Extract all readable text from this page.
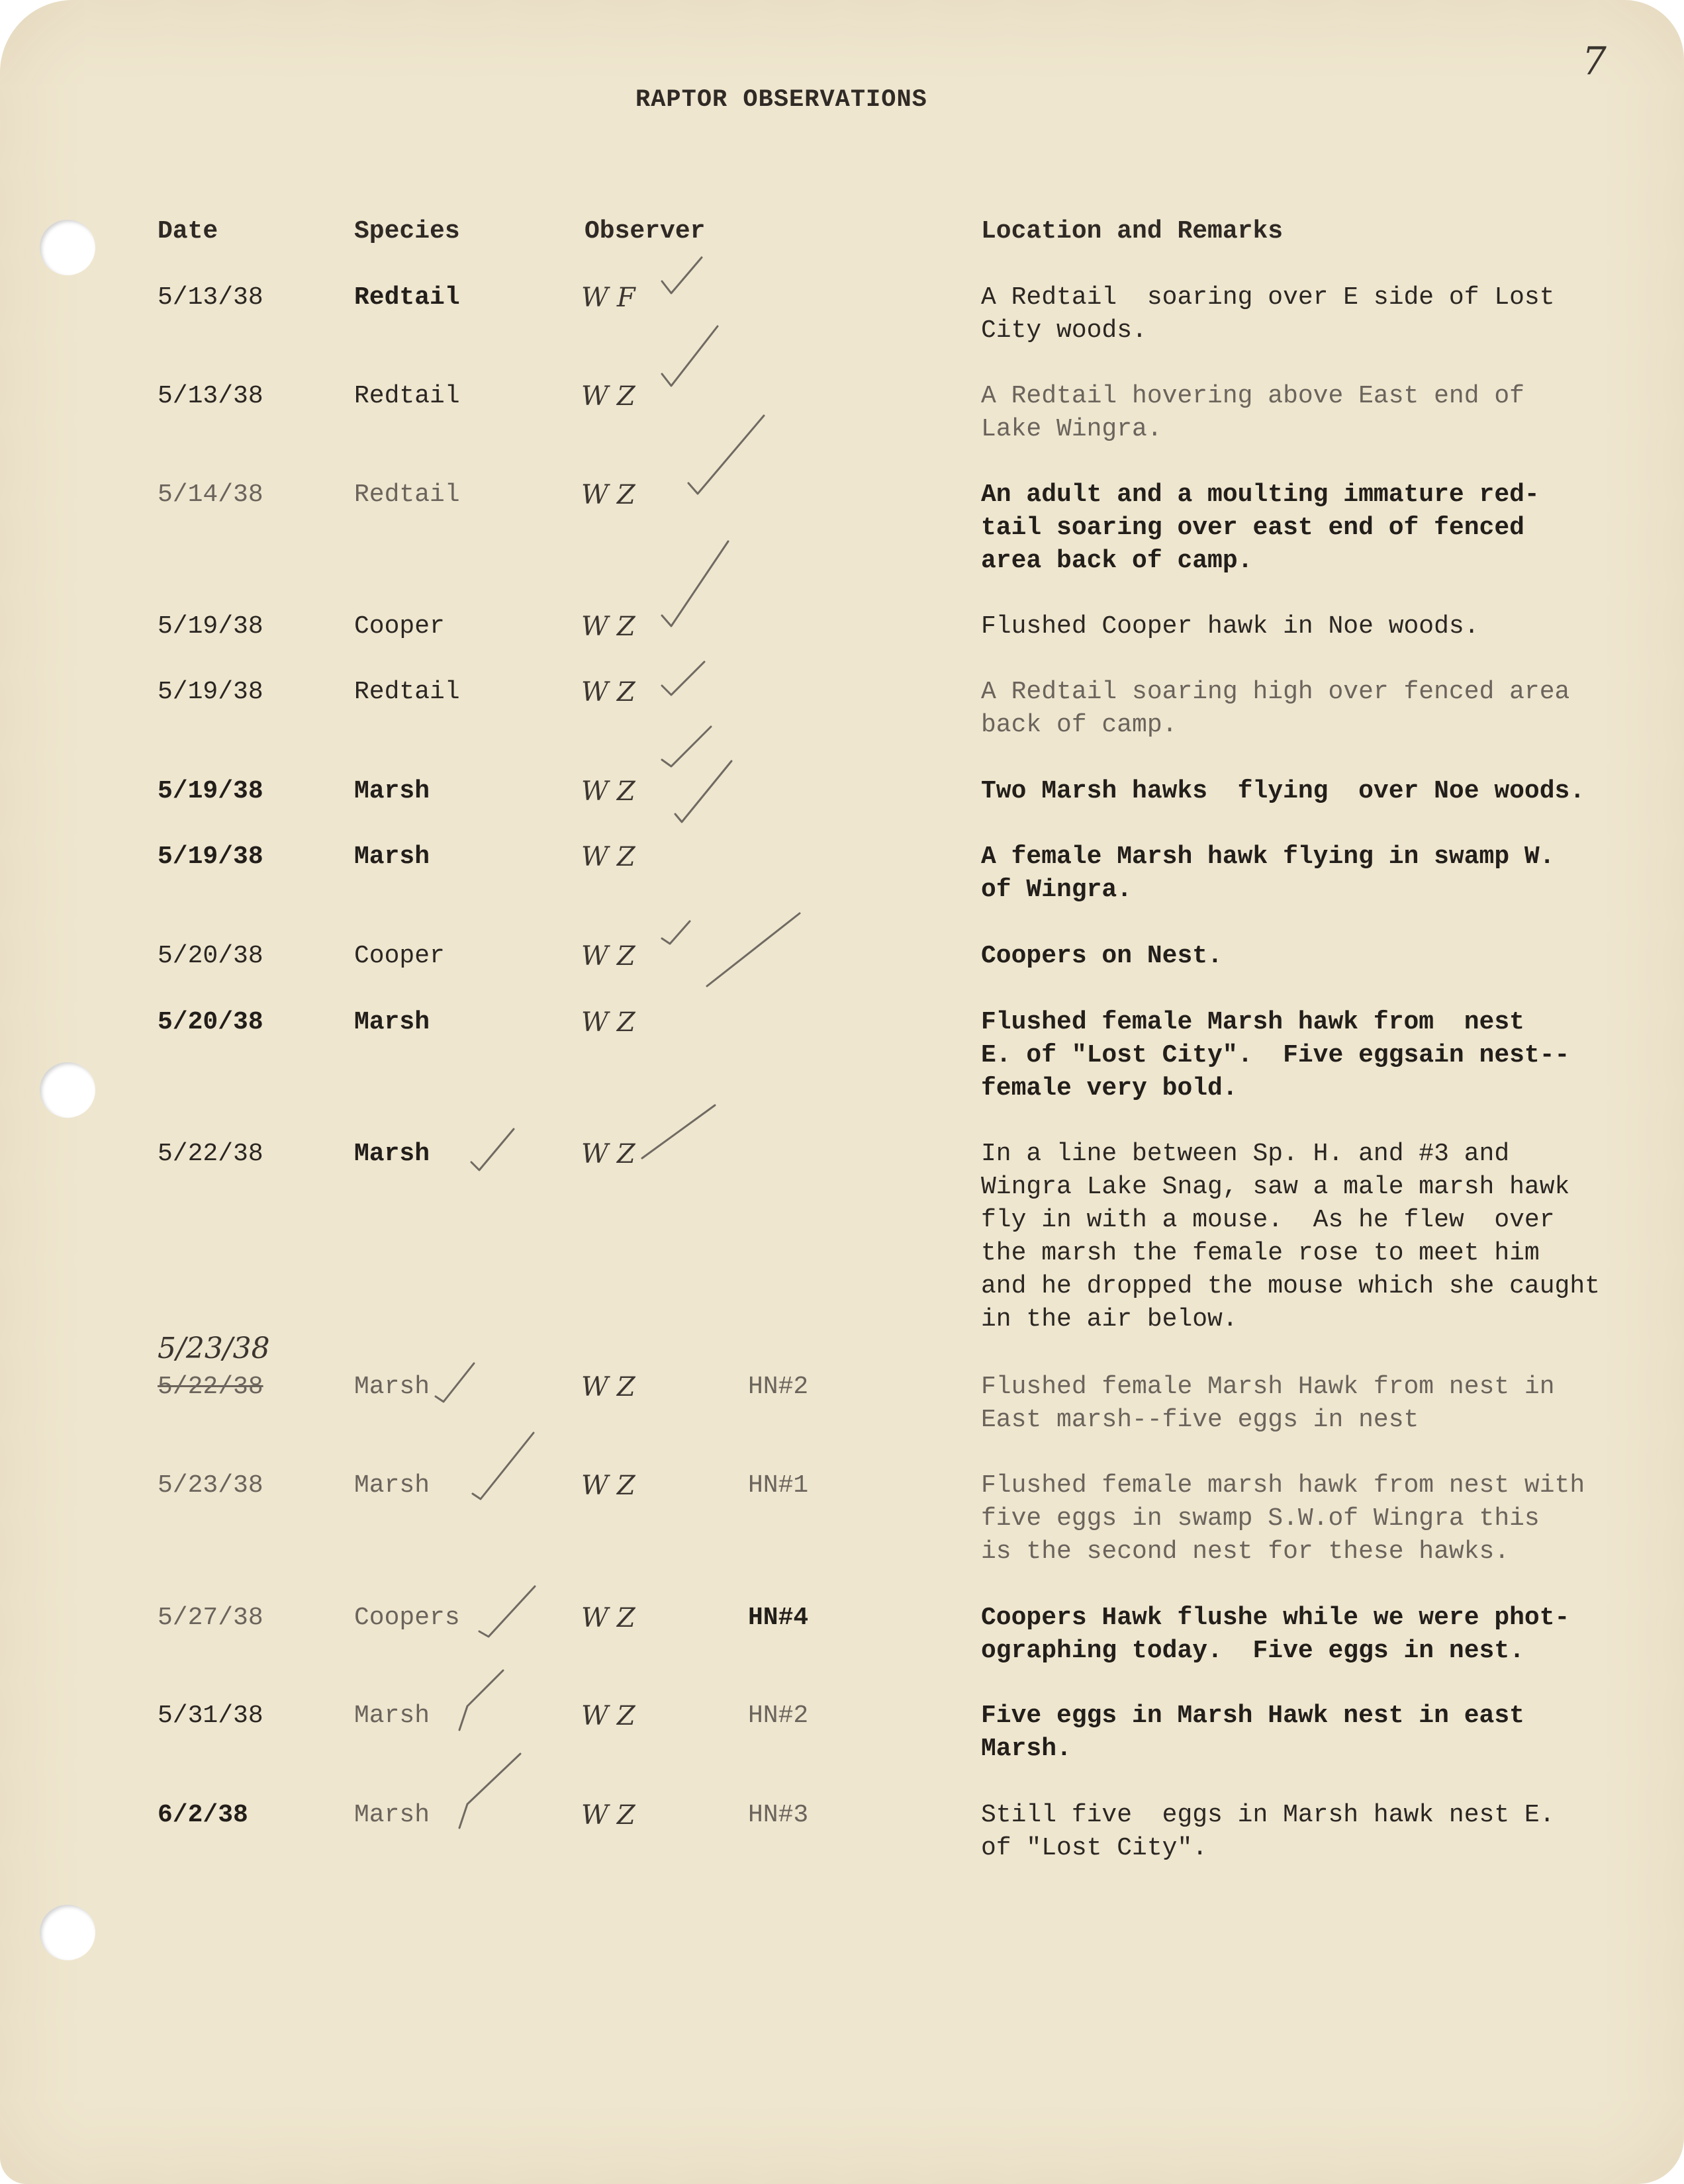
7
RAPTOR OBSERVATIONS
Date	Species	Observer	Location and Remarks
5/13/38	Redtail	W F	A Redtail  soaring over E side of Lost
City woods.
5/13/38	Redtail	W Z	A Redtail hovering above East end of
Lake Wingra.
5/14/38	Redtail	W Z	An adult and a moulting immature red-
tail soaring over east end of fenced
area back of camp.
5/19/38	Cooper	W Z	Flushed Cooper hawk in Noe woods.
5/19/38	Redtail	W Z	A Redtail soaring high over fenced area
back of camp.
5/19/38	Marsh	W Z	Two Marsh hawks  flying  over Noe woods.
5/19/38	Marsh	W Z	A female Marsh hawk flying in swamp W.
of Wingra.
5/20/38	Cooper	W Z	Coopers on Nest.
5/20/38	Marsh	W Z	Flushed female Marsh hawk from  nest
E. of "Lost City".  Five eggsain nest--
female very bold.
5/22/38	Marsh	W Z	In a line between Sp. H. and #3 and
Wingra Lake Snag, saw a male marsh hawk
fly in with a mouse.  As he flew  over
the marsh the female rose to meet him
and he dropped the mouse which she caught
in the air below.
5/23/38
5/22/38	Marsh	W Z	HN#2	Flushed female Marsh Hawk from nest in
East marsh--five eggs in nest
5/23/38	Marsh	W Z	HN#1	Flushed female marsh hawk from nest with
five eggs in swamp S.W.of Wingra this
is the second nest for these hawks.
5/27/38	Coopers	W Z	HN#4	Coopers Hawk flushe while we were phot-
ographing today.  Five eggs in nest.
5/31/38	Marsh	W Z	HN#2	Five eggs in Marsh Hawk nest in east
Marsh.
6/2/38	Marsh	W Z	HN#3	Still five  eggs in Marsh hawk nest E.
of "Lost City".
